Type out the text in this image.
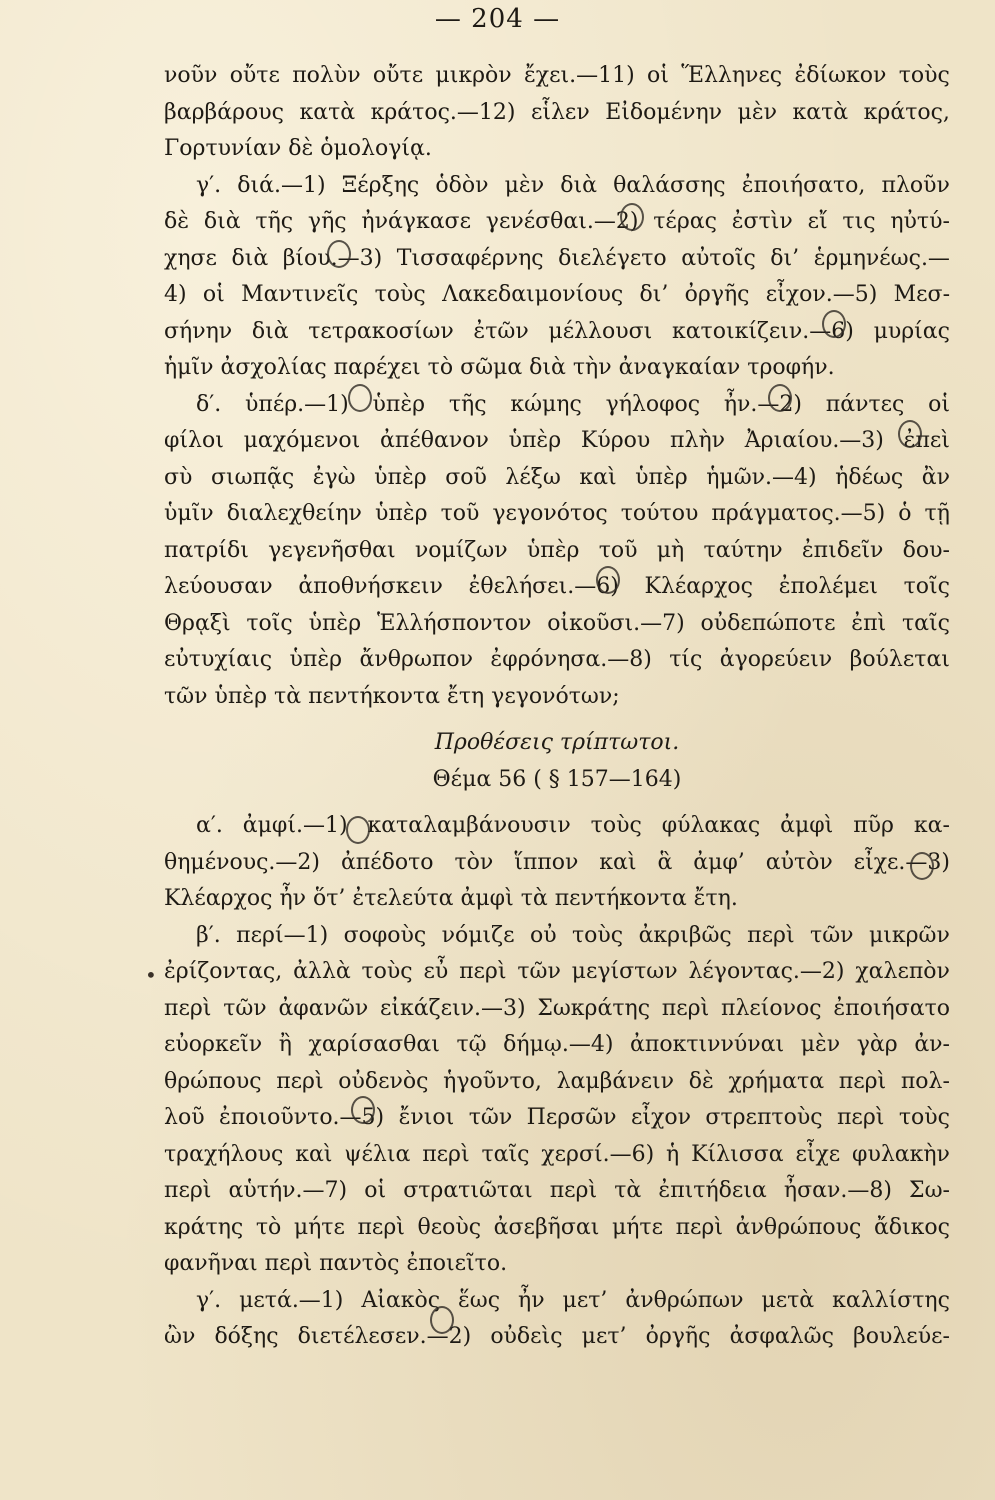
— 204 —
νοῦν οὔτε πολὺν οὔτε μικρὸν ἔχει.—11) οἱ Ἕλληνες ἐδίωκον τοὺς
βαρβάρους κατὰ κράτος.—12) εἷλεν Εἰδομένην μὲν κατὰ κράτος,
Γορτυνίαν δὲ ὁμολογίᾳ.
γ′. διά.—1) Ξέρξης ὁδὸν μὲν διὰ θαλάσσης ἐποιήσατο, πλοῦν
δὲ διὰ τῆς γῆς ἠνάγκασε γενέσθαι.—2) τέρας ἐστὶν εἴ τις ηὐτύ-
χησε διὰ βίου.—3) Τισσαφέρνης διελέγετο αὐτοῖς δι’ ἑρμηνέως.—
4) οἱ Μαντινεῖς τοὺς Λακεδαιμονίους δι’ ὀργῆς εἶχον.—5) Μεσ-
σήνην διὰ τετρακοσίων ἐτῶν μέλλουσι κατοικίζειν.—6) μυρίας
ἡμῖν ἀσχολίας παρέχει τὸ σῶμα διὰ τὴν ἀναγκαίαν τροφήν.
δ′. ὑπέρ.—1) ὑπὲρ τῆς κώμης γήλοφος ἦν.—2) πάντες οἱ
φίλοι μαχόμενοι ἀπέθανον ὑπὲρ Κύρου πλὴν Ἀριαίου.—3) ἐπεὶ
σὺ σιωπᾷς ἐγὼ ὑπὲρ σοῦ λέξω καὶ ὑπὲρ ἡμῶν.—4) ἡδέως ἂν
ὑμῖν διαλεχθείην ὑπὲρ τοῦ γεγονότος τούτου πράγματος.—5) ὁ τῇ
πατρίδι γεγενῆσθαι νομίζων ὑπὲρ τοῦ μὴ ταύτην ἐπιδεῖν δου-
λεύουσαν ἀποθνήσκειν ἐθελήσει.—6) Κλέαρχος ἐπολέμει τοῖς
Θρᾳξὶ τοῖς ὑπὲρ Ἑλλήσποντον οἰκοῦσι.—7) οὐδεπώποτε ἐπὶ ταῖς
εὐτυχίαις ὑπὲρ ἄνθρωπον ἐφρόνησα.—8) τίς ἀγορεύειν βούλεται
τῶν ὑπὲρ τὰ πεντήκοντα ἔτη γεγονότων;
Προθέσεις τρίπτωτοι.
Θέμα 56 ( § 157—164)
α′. ἀμφί.—1) καταλαμβάνουσιν τοὺς φύλακας ἀμφὶ πῦρ κα-
θημένους.—2) ἀπέδοτο τὸν ἵππον καὶ ἃ ἀμφ’ αὐτὸν εἶχε.—3)
Κλέαρχος ἦν ὅτ’ ἐτελεύτα ἀμφὶ τὰ πεντήκοντα ἔτη.
β′. περί—1) σοφοὺς νόμιζε οὐ τοὺς ἀκριβῶς περὶ τῶν μικρῶν
ἐρίζοντας, ἀλλὰ τοὺς εὖ περὶ τῶν μεγίστων λέγοντας.—2) χαλεπὸν
περὶ τῶν ἀφανῶν εἰκάζειν.—3) Σωκράτης περὶ πλείονος ἐποιήσατο
εὐορκεῖν ἢ χαρίσασθαι τῷ δήμῳ.—4) ἀποκτιννύναι μὲν γὰρ ἀν-
θρώπους περὶ οὐδενὸς ἡγοῦντο, λαμβάνειν δὲ χρήματα περὶ πολ-
λοῦ ἐποιοῦντο.—5) ἔνιοι τῶν Περσῶν εἶχον στρεπτοὺς περὶ τοὺς
τραχήλους καὶ ψέλια περὶ ταῖς χερσί.—6) ἡ Κίλισσα εἶχε φυλακὴν
περὶ αὑτήν.—7) οἱ στρατιῶται περὶ τὰ ἐπιτήδεια ἦσαν.—8) Σω-
κράτης τὸ μήτε περὶ θεοὺς ἀσεβῆσαι μήτε περὶ ἀνθρώπους ἄδικος
φανῆναι περὶ παντὸς ἐποιεῖτο.
γ′. μετά.—1) Αἰακὸς ἕως ἦν μετ’ ἀνθρώπων μετὰ καλλίστης
ὢν δόξης διετέλεσεν.—2) οὐδεὶς μετ’ ὀργῆς ἀσφαλῶς βουλεύε-
•
